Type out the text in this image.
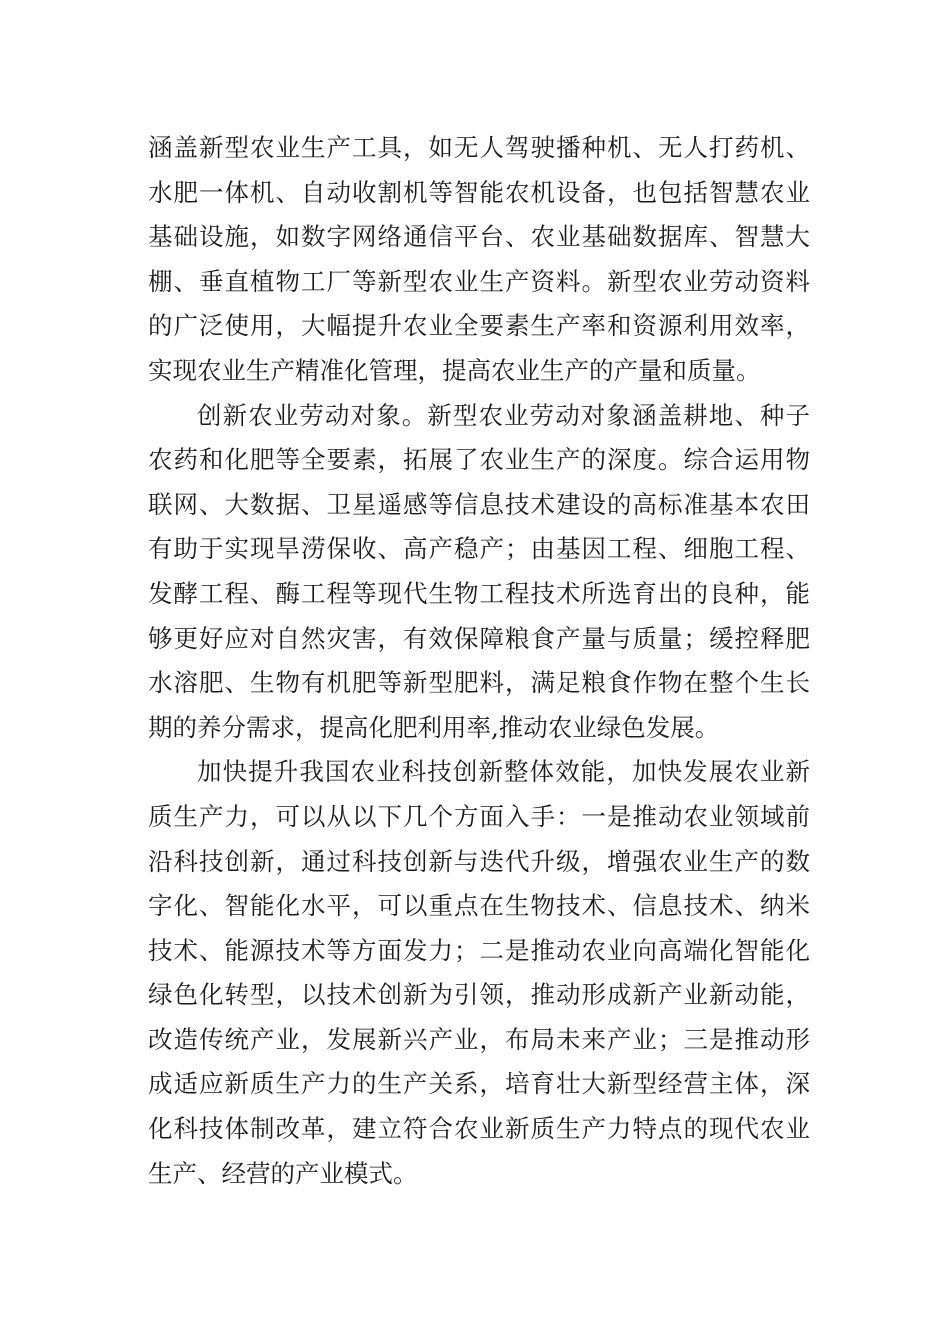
涵盖新型农业生产工具，如无人驾驶播种机、无人打药机、
水肥一体机、自动收割机等智能农机设备，也包括智慧农业
基础设施，如数字网络通信平台、农业基础数据库、智慧大
棚、垂直植物工厂等新型农业生产资料。新型农业劳动资料
的广泛使用，大幅提升农业全要素生产率和资源利用效率，
实现农业生产精准化管理，提高农业生产的产量和质量。
创新农业劳动对象。新型农业劳动对象涵盖耕地、种子
农药和化肥等全要素，拓展了农业生产的深度。综合运用物
联网、大数据、卫星遥感等信息技术建设的高标准基本农田
有助于实现旱涝保收、高产稳产；由基因工程、细胞工程、
发酵工程、酶工程等现代生物工程技术所选育出的良种，能
够更好应对自然灾害，有效保障粮食产量与质量；缓控释肥
水溶肥、生物有机肥等新型肥料，满足粮食作物在整个生长
期的养分需求，提高化肥利用率,推动农业绿色发展。
加快提升我国农业科技创新整体效能，加快发展农业新
质生产力，可以从以下几个方面入手：一是推动农业领域前
沿科技创新，通过科技创新与迭代升级，增强农业生产的数
字化、智能化水平，可以重点在生物技术、信息技术、纳米
技术、能源技术等方面发力；二是推动农业向高端化智能化
绿色化转型，以技术创新为引领，推动形成新产业新动能，
改造传统产业，发展新兴产业，布局未来产业；三是推动形
成适应新质生产力的生产关系，培育壮大新型经营主体，深
化科技体制改革，建立符合农业新质生产力特点的现代农业
生产、经营的产业模式。
